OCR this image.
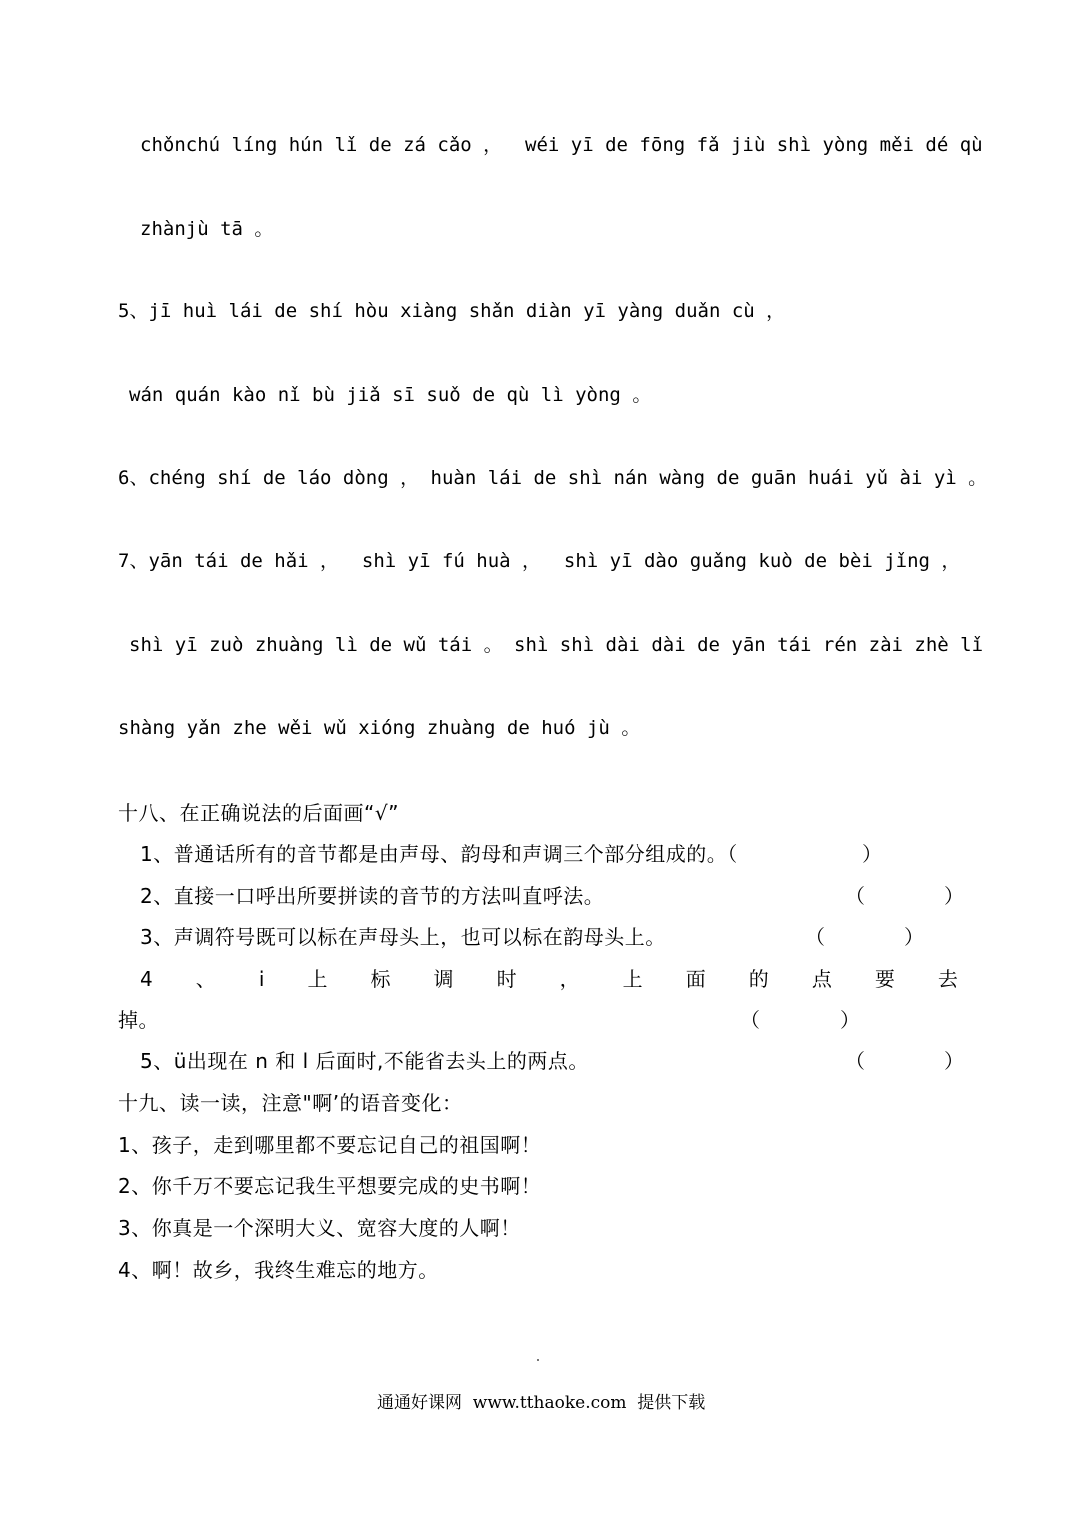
chǒnchú líng hún lǐ de zá cǎo ，  wéi yī de fōng fǎ jiù shì yòng měi dé qù
zhànjù tā 。
5、jī huì lái de shí hòu xiàng shǎn diàn yī yàng duǎn cù ，
wán quán kào nǐ bù jiǎ sī suǒ de qù lì yòng 。
6、chéng shí de láo dòng ， huàn lái de shì nán wàng de guān huái yǔ ài yì 。
7、yān tái de hǎi ，  shì yī fú huà ，  shì yī dào guǎng kuò de bèi jǐng ，
shì yī zuò zhuàng lì de wǔ tái 。 shì shì dài dài de yān tái rén zài zhè lǐ
shàng yǎn zhe wěi wǔ xióng zhuàng de huó jù 。
十八、在正确说法的后面画“√”
1、普通话所有的音节都是由声母、韵母和声调三个部分组成的。（	）
2、直接一口呼出所要拼读的音节的方法叫直呼法。	（	）
3、声调符号既可以标在声母头上，也可以标在韵母头上。	（	）
4 、 i 上 标 调 时 ， 上 面 的 点 要 去
掉。	（	）
5、ü出现在 n 和 l 后面时,不能省去头上的两点。	（	）
十九、读一读，注意"啊’的语音变化：
1、孩子，走到哪里都不要忘记自己的祖国啊！
2、你千万不要忘记我生平想要完成的史书啊！
3、你真是一个深明大义、宽容大度的人啊！
4、啊！故乡，我终生难忘的地方。
通通好课网  www.tthaoke.com  提供下载
